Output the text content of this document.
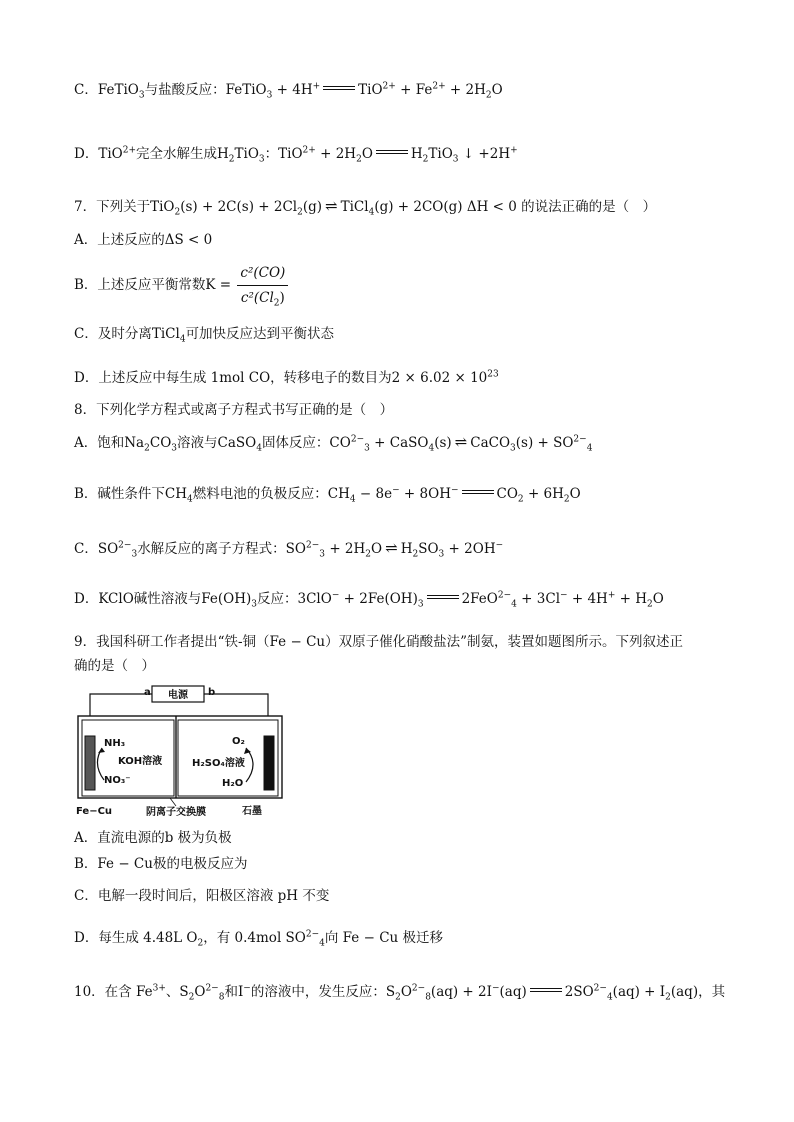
C．FeTiO$_3$与盐酸反应：FeTiO$_3$ + 4H+	$TiO^{2+} + Fe^{2+} + 2H_2O$
D．TiO$^{2+}$完全水解生成$H_2TiO_3$：$TiO^{2+} + 2H_2O$	$H_2TiO_3$ ↓ +2H+
7．下列关于$TiO_2(s) + 2C(s) + 2Cl_2(g)$ ⇌ TiCl$_4$(g) + 2CO(g) ΔH < 0 的说法正确的是（　）
A．上述反应的ΔS < 0
B．上述反应平衡常数$K = \frac{\text{c²(CO)}}{c^2(Cl_2)}$
C．及时分离TiCl$_4$可加快反应达到平衡状态
D．上述反应中每生成 1mol CO，转移电子的数目为$2 \times 6.02 \times 10^{23}$
8．下列化学方程式或离子方程式书写正确的是（　）
A．饱和$Na_2CO_3$溶液与CaSO$_4$固体反应：$CO^{2-}_3$ + CaSO$_4$(s) ⇌ CaCO$_3$(s) + $SO^{2-}_4$
B．碱性条件下$CH_4$燃料电池的负极反应：$CH_4 - 8e^- + 8OH^-$	$CO_2 + 6H_2O$
C．$SO^{2-}_3$水解反应的离子方程式：$SO^{2-}_3 + 2H_2O$ ⇌ $H_2SO_3 + 2OH^-$
D．KClO碱性溶液与$Fe(OH)_3$反应：$3ClO^- + 2Fe(OH)_3$	$2FeO^{2-}_4 + 3Cl^- + 4H^+ + H_2O$
9．我国科研工作者提出“铁-铜（Fe − Cu）双原子催化硝酸盐法”制氨，装置如题图所示。下列叙述正
确的是（　）
电源
a	b
NH₃
KOH溶液
NO₃⁻
O₂
H₂SO₄溶液
H₂O
Fe−Cu	阴离子交换膜	石墨
A．直流电源的b 极为负极
B．Fe − Cu极的电极反应为
C．电解一段时间后，阳极区溶液 pH 不变
D．每生成 4.48L $O_2$，有 0.4mol $SO^{2-}_4$向 Fe − Cu 极迁移
10．在含 $Fe^{3+}$、$S_2O^{2-}_8$和I−的溶液中，发生反应：$S_2O^{2-}_8(aq) + 2I^-(aq)$	$2SO^{2-}_4(aq) + I_2(aq)$，其
